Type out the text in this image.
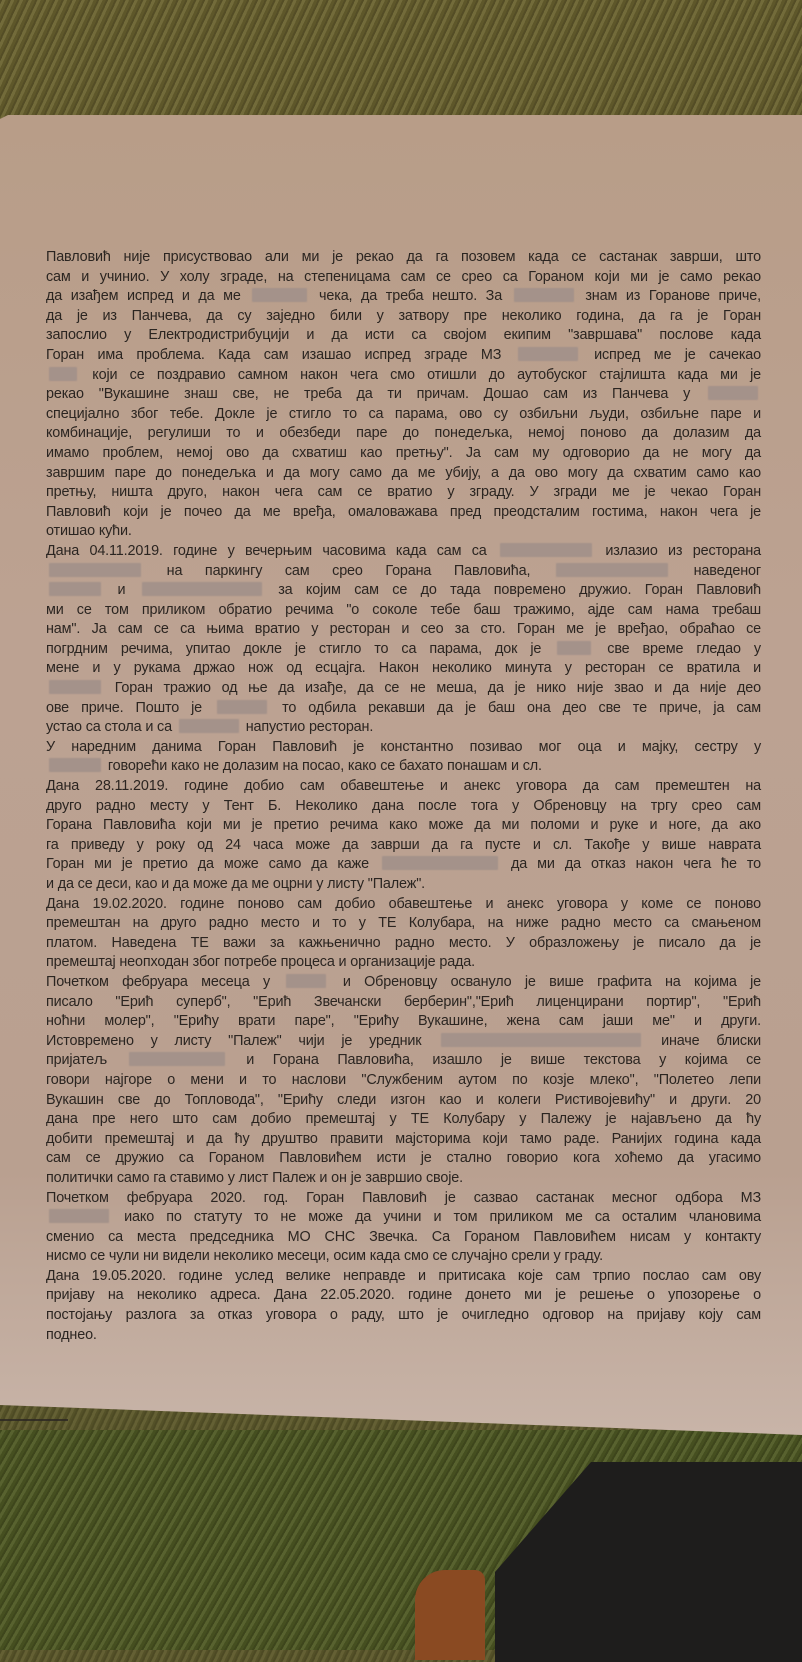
Павловић није присуствовао али ми је рекао да га позовем када се састанак заврши, што
сам и учинио. У холу зграде, на степеницама сам се срео са Гораном који ми је само рекао
да изађем испред и да ме	чека, да треба нешто. За	знам из Горанове приче,
да је из Панчева, да су заједно били у затвору пре неколико година, да га је Горан
запослио у Електродистрибуцији и да исти са својом екипим "завршава" послове када
Горан има проблема. Када сам изашао испред зграде МЗ	испред ме је сачекао
који се поздравио самном након чега смо отишли до аутобуског стајлишта када ми је
рекао "Вукашине знаш све, не треба да ти причам. Дошао сам из Панчева у
специјално због тебе. Докле је стигло то са парама, ово су озбиљни људи, озбиљне паре и
комбинације, регулиши то и обезбеди паре до понедељка, немој поново да долазим да
имамо проблем, немој ово да схватиш као претњу". Ја сам му одговорио да не могу да
завршим паре до понедељка и да могу само да ме убију, а да ово могу да схватим само као
претњу, ништа друго, након чега сам се вратио у зграду. У згради ме је чекао Горан
Павловић који је почео да ме вређа, омаловажава пред преодсталим гостима, након чега је
отишао кући.
Дана 04.11.2019. године у вечерњим часовима када сам са	излазио из ресторана
на паркингу сам срео Горана Павловића,	наведеног
и	за којим сам се до тада повремено дружио. Горан Павловић
ми се том приликом обратио речима "о соколе тебе баш тражимо, ајде сам нама требаш
нам". Ја сам се са њима вратио у ресторан и сео за сто. Горан ме је вређао, обраћао се
погрдним речима, упитао докле је стигло то са парама, док је	све време гледао у
мене и у рукама држао нож од есцајга. Након неколико минута у ресторан се вратила и
Горан тражио од ње да изађе, да се не меша, да је нико није звао и да није део
ове приче. Пошто је	то одбила рекавши да је баш она део све те приче, ја сам
устао са стола и са	напустио ресторан.
У наредним данима Горан Павловић је константно позивао мог оца и мајку, сестру у
говорећи како не долазим на посао, како се бахато понашам и сл.
Дана 28.11.2019. године добио сам обавештење и анекс уговора да сам премештен на
друго радно месту у Тент Б. Неколико дана после тога у Обреновцу на тргу срео сам
Горана Павловића који ми је претио речима како може да ми поломи и руке и ноге, да ако
га приведу у року од 24 часа може да заврши да га пусте и сл. Такође у више наврата
Горан ми је претио да може само да каже	да ми да отказ након чега ће то
и да се деси, као и да може да ме оцрни у листу "Палеж".
Дана 19.02.2020. године поново сам добио обавештење и анекс уговора у коме се поново
премештан на друго радно место и то у ТЕ Колубара, на ниже радно место са смањеном
платом. Наведена ТЕ важи за кажњенично радно место. У образложењу је писало да је
премештај неопходан због потребе процеса и организације рада.
Почетком фебруара месеца у	и Обреновцу освануло је више графита на којима је
писало "Ерић суперб", "Ерић Звечански берберин","Ерић лиценцирани портир", "Ерић
ноћни молер", "Ерићу врати паре", "Ерићу Вукашине, жена сам јаши ме" и други.
Истовремено у листу "Палеж" чији је уредник	иначе блиски
пријатељ	и Горана Павловића, изашло је више текстова у којима се
говори најгоре о мени и то наслови "Службеним аутом по козје млеко", "Полетео лепи
Вукашин све до Топловода", "Ерићу следи изгон као и колеги Ристивојевићу" и други. 20
дана пре него што сам добио премештај у ТЕ Колубару у Палежу је најављено да ћу
добити премештај и да ћу друштво правити мајсторима који тамо раде. Ранијих година када
сам се дружио са Гораном Павловићем исти је стално говорио кога хоћемо да угасимо
политички само га ставимо у лист Палеж и он је завршио своје.
Почетком фебруара 2020. год. Горан Павловић је сазвао састанак месног одбора МЗ
иако по статуту то не може да учини и том приликом ме са осталим члановима
сменио са места председника МО СНС Звечка. Са Гораном Павловићем нисам у контакту
нисмо се чули ни видели неколико месеци, осим када смо се случајно срели у граду.
Дана 19.05.2020. године услед велике неправде и притисака које сам трпио послао сам ову
пријаву на неколико адреса. Дана 22.05.2020. године донето ми је решење о упозорење о
постојању разлога за отказ уговора о раду, што је очигледно одговор на пријаву коју сам
поднео.
